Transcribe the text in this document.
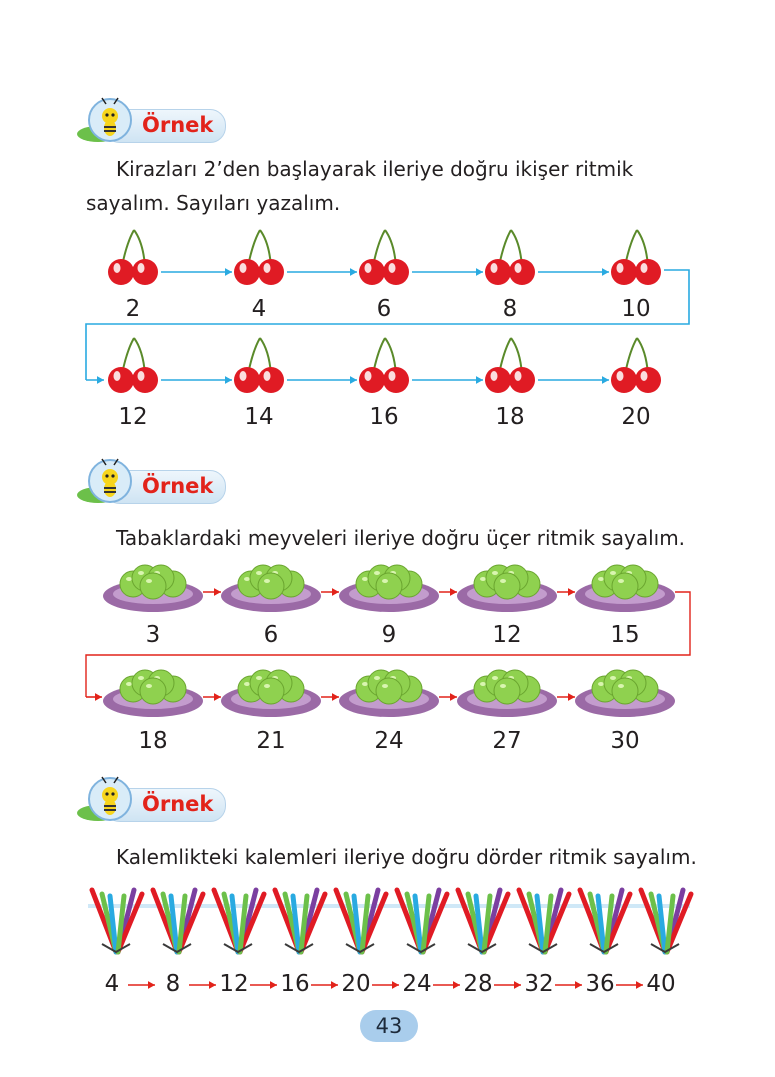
Örnek
Kirazları 2’den başlayarak ileriye doğru ikişer ritmik
sayalım. Sayıları yazalım.
2	4	6	8	10
12	14	16	18	20
Örnek
Tabaklardaki meyveleri ileriye doğru üçer ritmik sayalım.
3	6	9	12	15
18	21	24	27	30
Örnek
Kalemlikteki kalemleri ileriye doğru dörder ritmik sayalım.
4	8	12	16	20	24	28	32	36	40
43
